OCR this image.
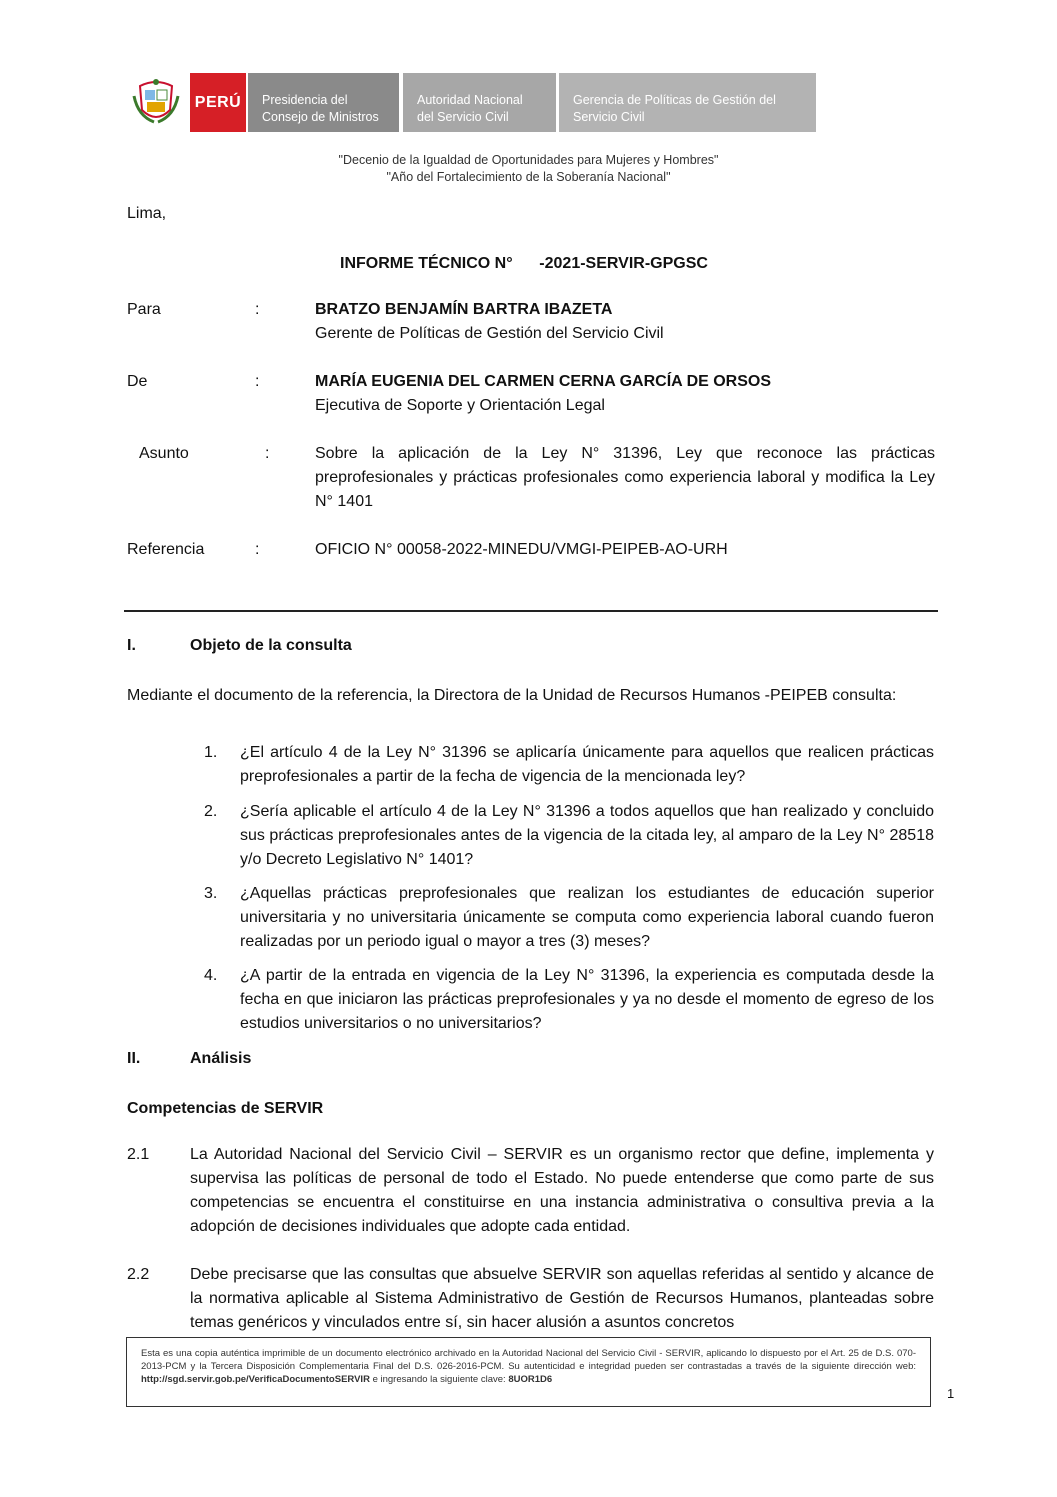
PERÚ	Presidencia del
Consejo de Ministros
Autoridad Nacional
del Servicio Civil
Gerencia de Políticas de Gestión del
Servicio Civil
"Decenio de la Igualdad de Oportunidades para Mujeres y Hombres"
"Año del Fortalecimiento de la Soberanía Nacional"
Lima,
INFORME TÉCNICO N°      -2021-SERVIR-GPGSC
Para	:	BRATZO BENJAMÍN BARTRA IBAZETA
Gerente de Políticas de Gestión del Servicio Civil
De	:	MARÍA EUGENIA DEL CARMEN CERNA GARCÍA DE ORSOS
Ejecutiva de Soporte y Orientación Legal
Asunto	:	Sobre la aplicación de la Ley N° 31396, Ley que reconoce las prácticas preprofesionales y prácticas profesionales como experiencia laboral y modifica la Ley N° 1401
Referencia	:	OFICIO N° 00058-2022-MINEDU/VMGI-PEIPEB-AO-URH
I.	Objeto de la consulta
Mediante el documento de la referencia, la Directora de la Unidad de Recursos Humanos -PEIPEB consulta:
1. ¿El artículo 4 de la Ley N° 31396 se aplicaría únicamente para aquellos que realicen prácticas preprofesionales a partir de la fecha de vigencia de la mencionada ley?
2. ¿Sería aplicable el artículo 4 de la Ley N° 31396 a todos aquellos que han realizado y concluido sus prácticas preprofesionales antes de la vigencia de la citada ley, al amparo de la Ley N° 28518 y/o Decreto Legislativo N° 1401?
3. ¿Aquellas prácticas preprofesionales que realizan los estudiantes de educación superior universitaria y no universitaria únicamente se computa como experiencia laboral cuando fueron realizadas por un periodo igual o mayor a tres (3) meses?
4. ¿A partir de la entrada en vigencia de la Ley N° 31396, la experiencia es computada desde la fecha en que iniciaron las prácticas preprofesionales y ya no desde el momento de egreso de los estudios universitarios o no universitarios?
II.	Análisis
Competencias de SERVIR
2.1	La Autoridad Nacional del Servicio Civil – SERVIR es un organismo rector que define, implementa y supervisa las políticas de personal de todo el Estado. No puede entenderse que como parte de sus competencias se encuentra el constituirse en una instancia administrativa o consultiva previa a la adopción de decisiones individuales que adopte cada entidad.
2.2	Debe precisarse que las consultas que absuelve SERVIR son aquellas referidas al sentido y alcance de la normativa aplicable al Sistema Administrativo de Gestión de Recursos Humanos, planteadas sobre temas genéricos y vinculados entre sí, sin hacer alusión a asuntos concretos
Esta es una copia auténtica imprimible de un documento electrónico archivado en la Autoridad Nacional del Servicio Civil - SERVIR, aplicando lo dispuesto por el Art. 25 de D.S. 070-2013-PCM y la Tercera Disposición Complementaria Final del D.S. 026-2016-PCM. Su autenticidad e integridad pueden ser contrastadas a través de la siguiente dirección web: http://sgd.servir.gob.pe/VerificaDocumentoSERVIR e ingresando la siguiente clave: 8UOR1D6
1
